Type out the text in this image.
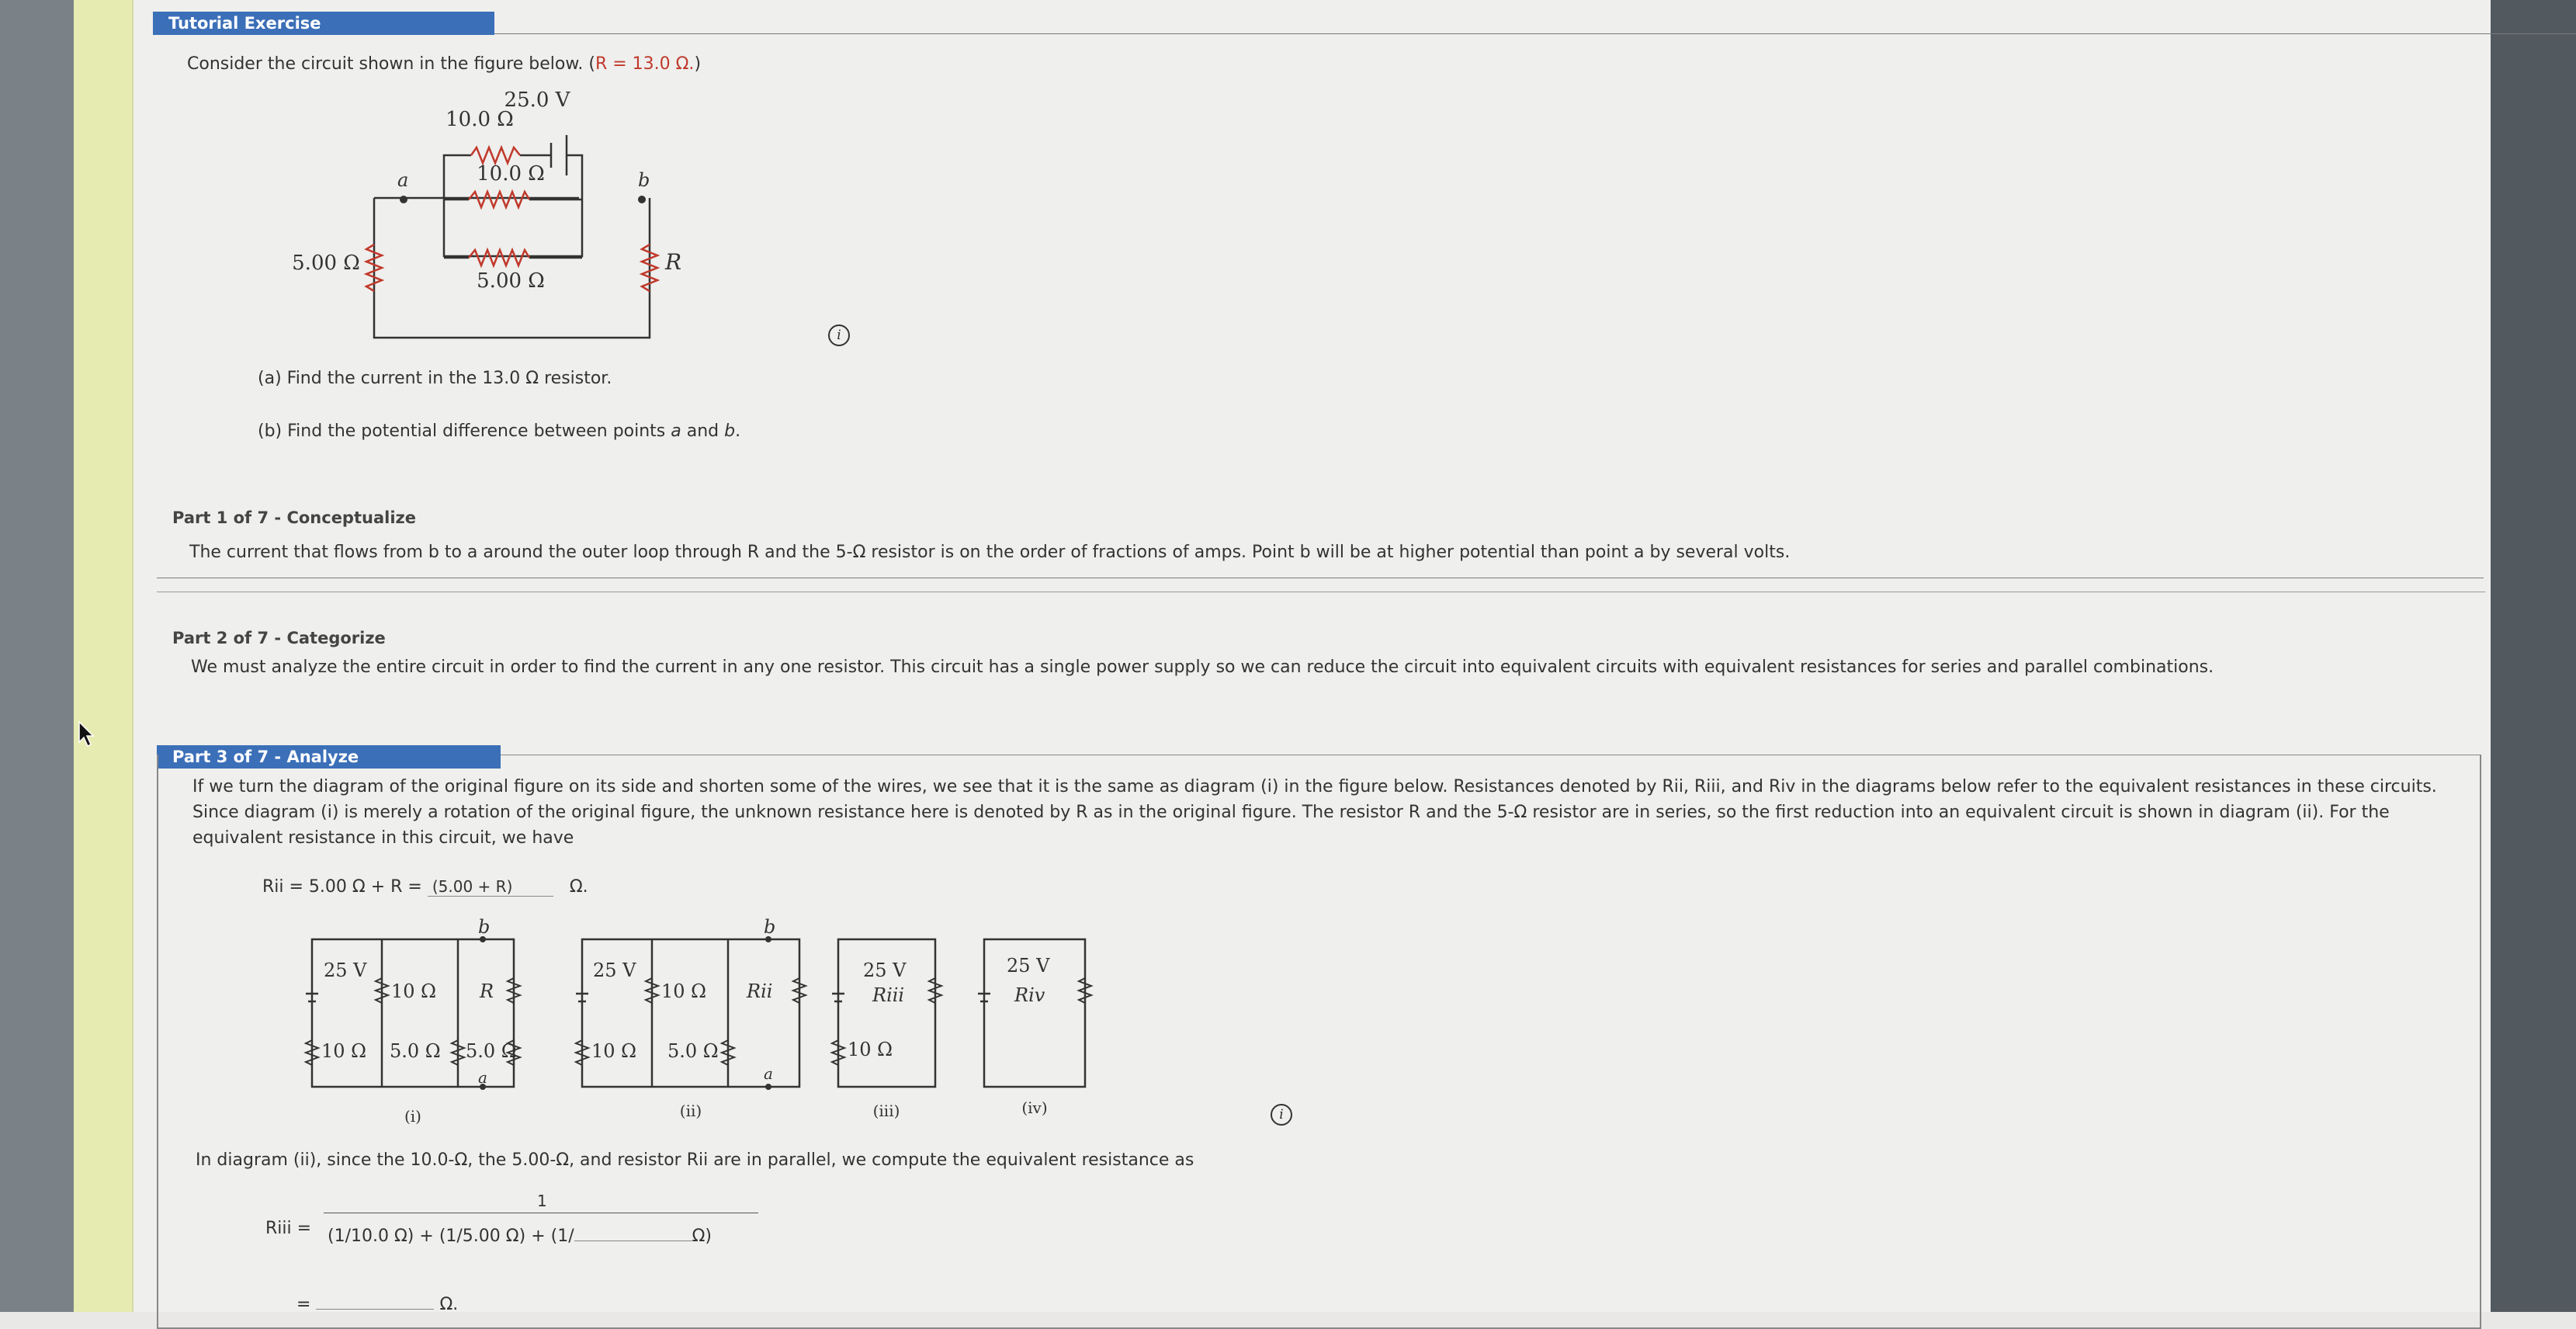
Tutorial Exercise
Consider the circuit shown in the figure below. (R = 13.0 Ω.)
25.0 V
10.0 Ω
10.0 Ω
5.00 Ω
5.00 Ω	R
a	b
i
(a) Find the current in the 13.0 Ω resistor.
(b) Find the potential difference between points a and b.
Part 1 of 7 - Conceptualize
The current that flows from b to a around the outer loop through R and the 5-Ω resistor is on the order of fractions of amps. Point b will be at higher potential than point a by several volts.
Part 2 of 7 - Categorize
We must analyze the entire circuit in order to find the current in any one resistor. This circuit has a single power supply so we can reduce the circuit into equivalent circuits with equivalent resistances for series and parallel combinations.
Part 3 of 7 - Analyze
If we turn the diagram of the original figure on its side and shorten some of the wires, we see that it is the same as diagram (i) in the figure below. Resistances denoted by Rii, Riii, and Riv in the diagrams below refer to the equivalent resistances in these circuits.
Since diagram (i) is merely a rotation of the original figure, the unknown resistance here is denoted by R as in the original figure. The resistor R and the 5-Ω resistor are in series, so the first reduction into an equivalent circuit is shown in diagram (ii). For the
equivalent resistance in this circuit, we have
Rii = 5.00 Ω + R = (5.00 + R)	Ω.
25 V
10 Ω
10 Ω 5.0 Ω 5.0 Ω
R
b
a
25 V
10 Ω
10 Ω 5.0 Ω
Rii
b
a
25 V
Riii
10 Ω
25 V
Riv
(i)	(ii)	(iii)	(iv)	i
In diagram (ii), since the 10.0-Ω, the 5.00-Ω, and resistor Rii are in parallel, we compute the equivalent resistance as
Riii =
1
(1/10.0 Ω) + (1/5.00 Ω) + (1/	Ω)
=	Ω.
